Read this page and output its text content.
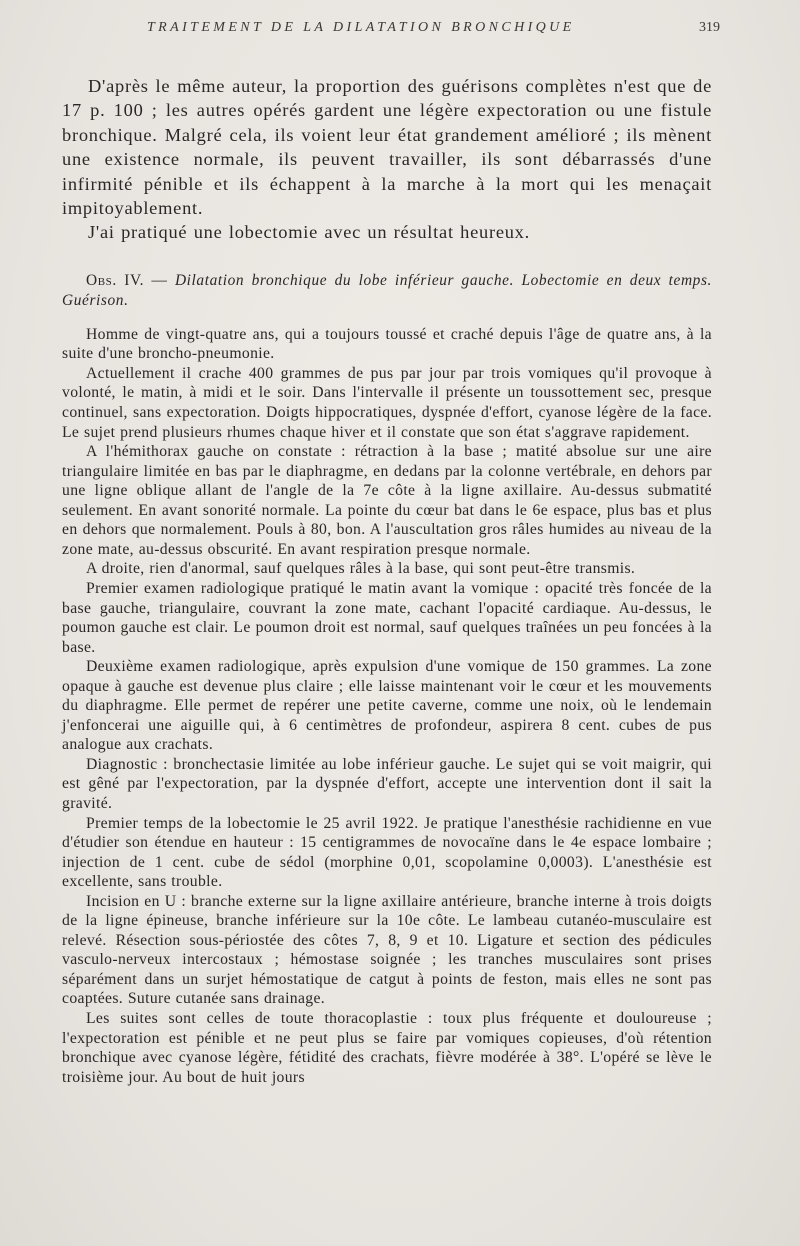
TRAITEMENT DE LA DILATATION BRONCHIQUE	319

D'après le même auteur, la proportion des guérisons complètes n'est que de 17 p. 100 ; les autres opérés gardent une légère expectoration ou une fistule bronchique. Malgré cela, ils voient leur état grandement amélioré ; ils mènent une existence normale, ils peuvent travailler, ils sont débarrassés d'une infirmité pénible et ils échappent à la marche à la mort qui les menaçait impitoyablement.

J'ai pratiqué une lobectomie avec un résultat heureux.

Obs. IV. — Dilatation bronchique du lobe inférieur gauche. Lobectomie en deux temps. Guérison.

Homme de vingt-quatre ans, qui a toujours toussé et craché depuis l'âge de quatre ans, à la suite d'une broncho-pneumonie.

Actuellement il crache 400 grammes de pus par jour par trois vomiques qu'il provoque à volonté, le matin, à midi et le soir. Dans l'intervalle il présente un toussottement sec, presque continuel, sans expectoration. Doigts hippocratiques, dyspnée d'effort, cyanose légère de la face. Le sujet prend plusieurs rhumes chaque hiver et il constate que son état s'aggrave rapidement.

A l'hémithorax gauche on constate : rétraction à la base ; matité absolue sur une aire triangulaire limitée en bas par le diaphragme, en dedans par la colonne vertébrale, en dehors par une ligne oblique allant de l'angle de la 7e côte à la ligne axillaire. Au-dessus submatité seulement. En avant sonorité normale. La pointe du cœur bat dans le 6e espace, plus bas et plus en dehors que normalement. Pouls à 80, bon. A l'auscultation gros râles humides au niveau de la zone mate, au-dessus obscurité. En avant respiration presque normale.

A droite, rien d'anormal, sauf quelques râles à la base, qui sont peut-être transmis.

Premier examen radiologique pratiqué le matin avant la vomique : opacité très foncée de la base gauche, triangulaire, couvrant la zone mate, cachant l'opacité cardiaque. Au-dessus, le poumon gauche est clair. Le poumon droit est normal, sauf quelques traînées un peu foncées à la base.

Deuxième examen radiologique, après expulsion d'une vomique de 150 grammes. La zone opaque à gauche est devenue plus claire ; elle laisse maintenant voir le cœur et les mouvements du diaphragme. Elle permet de repérer une petite caverne, comme une noix, où le lendemain j'enfoncerai une aiguille qui, à 6 centimètres de profondeur, aspirera 8 cent. cubes de pus analogue aux crachats.

Diagnostic : bronchectasie limitée au lobe inférieur gauche. Le sujet qui se voit maigrir, qui est gêné par l'expectoration, par la dyspnée d'effort, accepte une intervention dont il sait la gravité.

Premier temps de la lobectomie le 25 avril 1922. Je pratique l'anesthésie rachidienne en vue d'étudier son étendue en hauteur : 15 centigrammes de novocaïne dans le 4e espace lombaire ; injection de 1 cent. cube de sédol (morphine 0,01, scopolamine 0,0003). L'anesthésie est excellente, sans trouble.

Incision en U : branche externe sur la ligne axillaire antérieure, branche interne à trois doigts de la ligne épineuse, branche inférieure sur la 10e côte. Le lambeau cutanéo-musculaire est relevé. Résection sous-périostée des côtes 7, 8, 9 et 10. Ligature et section des pédicules vasculo-nerveux intercostaux ; hémostase soignée ; les tranches musculaires sont prises séparément dans un surjet hémostatique de catgut à points de feston, mais elles ne sont pas coaptées. Suture cutanée sans drainage.

Les suites sont celles de toute thoracoplastie : toux plus fréquente et douloureuse ; l'expectoration est pénible et ne peut plus se faire par vomiques copieuses, d'où rétention bronchique avec cyanose légère, fétidité des crachats, fièvre modérée à 38°. L'opéré se lève le troisième jour. Au bout de huit jours
